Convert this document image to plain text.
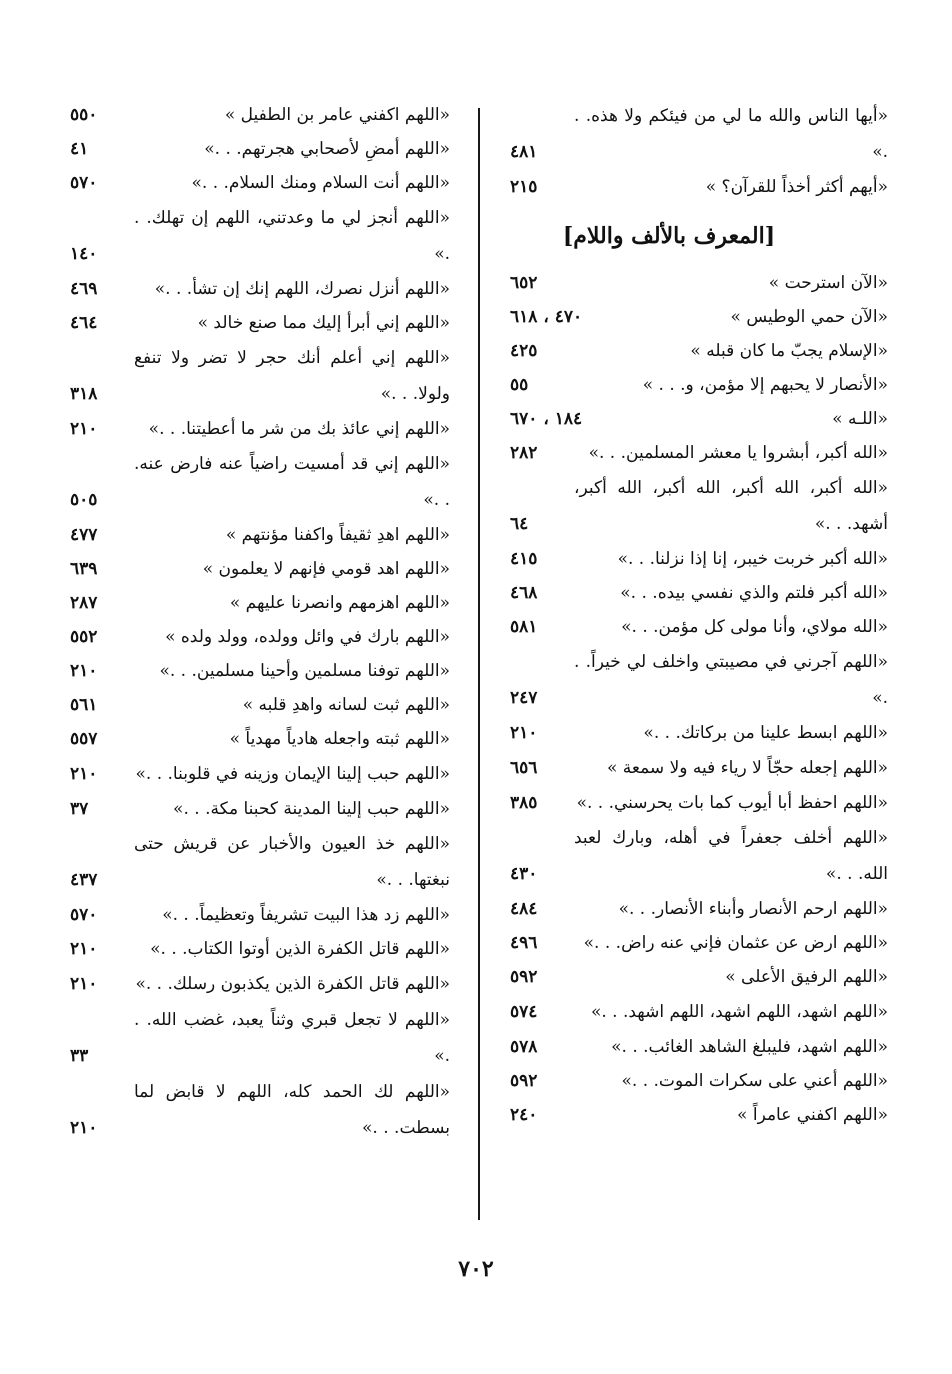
«أيها الناس والله ما لي من فيئكم ولا هذه. . .»
٤٨١
«أيهم أكثر أخذاً للقرآن؟ »
٢١٥
[المعرف بالألف واللام]
«الآن استرحت »
٦٥٢
«الآن حمي الوطيس »
٤٧٠ ، ٦١٨
«الإسلام يجبّ ما كان قبله »
٤٢٥
«الأنصار لا يحبهم إلا مؤمن، و. . . »
٥٥
«اللـه »
١٨٤ ، ٦٧٠
«الله أكبر، أبشروا يا معشر المسلمين. . .»
٢٨٢
«الله أكبر، الله أكبر، الله أكبر، الله أكبر، أشهد. . .»
٦٤
«الله أكبر خربت خيبر، إنا إذا نزلنا. . .»
٤١٥
«الله أكبر فلتم والذي نفسي بيده. . .»
٤٦٨
«الله مولاي، وأنا مولى كل مؤمن. . .»
٥٨١
«اللهم آجرني في مصيبتي واخلف لي خيراً. . .»
٢٤٧
«اللهم ابسط علينا من بركاتك. . .»
٢١٠
«اللهم إجعله حجّاً لا رياء فيه ولا سمعة »
٦٥٦
«اللهم احفظ أبا أيوب كما بات يحرسني. . .»
٣٨٥
«اللهم أخلف جعفراً في أهله، وبارك لعبد الله. . .»
٤٣٠
«اللهم ارحم الأنصار وأبناء الأنصار. . .»
٤٨٤
«اللهم ارض عن عثمان فإني عنه راض. . .»
٤٩٦
«اللهم الرفيق الأعلى »
٥٩٢
«اللهم اشهد، اللهم اشهد، اللهم اشهد. . .»
٥٧٤
«اللهم اشهد، فليبلغ الشاهد الغائب. . .»
٥٧٨
«اللهم أعني على سكرات الموت. . .»
٥٩٢
«اللهم اكفني عامراً »
٢٤٠
«اللهم اكفني عامر بن الطفيل »
٥٥٠
«اللهم أمضِ لأصحابي هجرتهم. . .»
٤١
«اللهم أنت السلام ومنك السلام. . .»
٥٧٠
«اللهم أنجز لي ما وعدتني، اللهم إن تهلك. . .»
١٤٠
«اللهم أنزل نصرك، اللهم إنك إن تشأ. . .»
٤٦٩
«اللهم إني أبرأ إليك مما صنع خالد »
٤٦٤
«اللهم إني أعلم أنك حجر لا تضر ولا تنفع ولولا. . .»
٣١٨
«اللهم إني عائذ بك من شر ما أعطيتنا. . .»
٢١٠
«اللهم إني قد أمسيت راضياً عنه فارض عنه. . .»
٥٠٥
«اللهم اهدِ ثقيفاً واكفنا مؤنتهم »
٤٧٧
«اللهم اهد قومي فإنهم لا يعلمون »
٦٣٩
«اللهم اهزمهم وانصرنا عليهم »
٢٨٧
«اللهم بارك في وائل وولده، وولد ولده »
٥٥٢
«اللهم توفنا مسلمين وأحينا مسلمين. . .»
٢١٠
«اللهم ثبت لسانه واهدِ قلبه »
٥٦١
«اللهم ثبته واجعله هادياً مهدياً »
٥٥٧
«اللهم حبب إلينا الإيمان وزينه في قلوبنا. . .»
٢١٠
«اللهم حبب إلينا المدينة كحبنا مكة. . .»
٣٧
«اللهم خذ العيون والأخبار عن قريش حتى نبغتها. . .»
٤٣٧
«اللهم زد هذا البيت تشريفاً وتعظيماً. . .»
٥٧٠
«اللهم قاتل الكفرة الذين أوتوا الكتاب. . .»
٢١٠
«اللهم قاتل الكفرة الذين يكذبون رسلك. . .»
٢١٠
«اللهم لا تجعل قبري وثناً يعبد، غضب الله. . .»
٣٣
«اللهم لك الحمد كله، اللهم لا قابض لما بسطت. . .»
٢١٠
٧٠٢
